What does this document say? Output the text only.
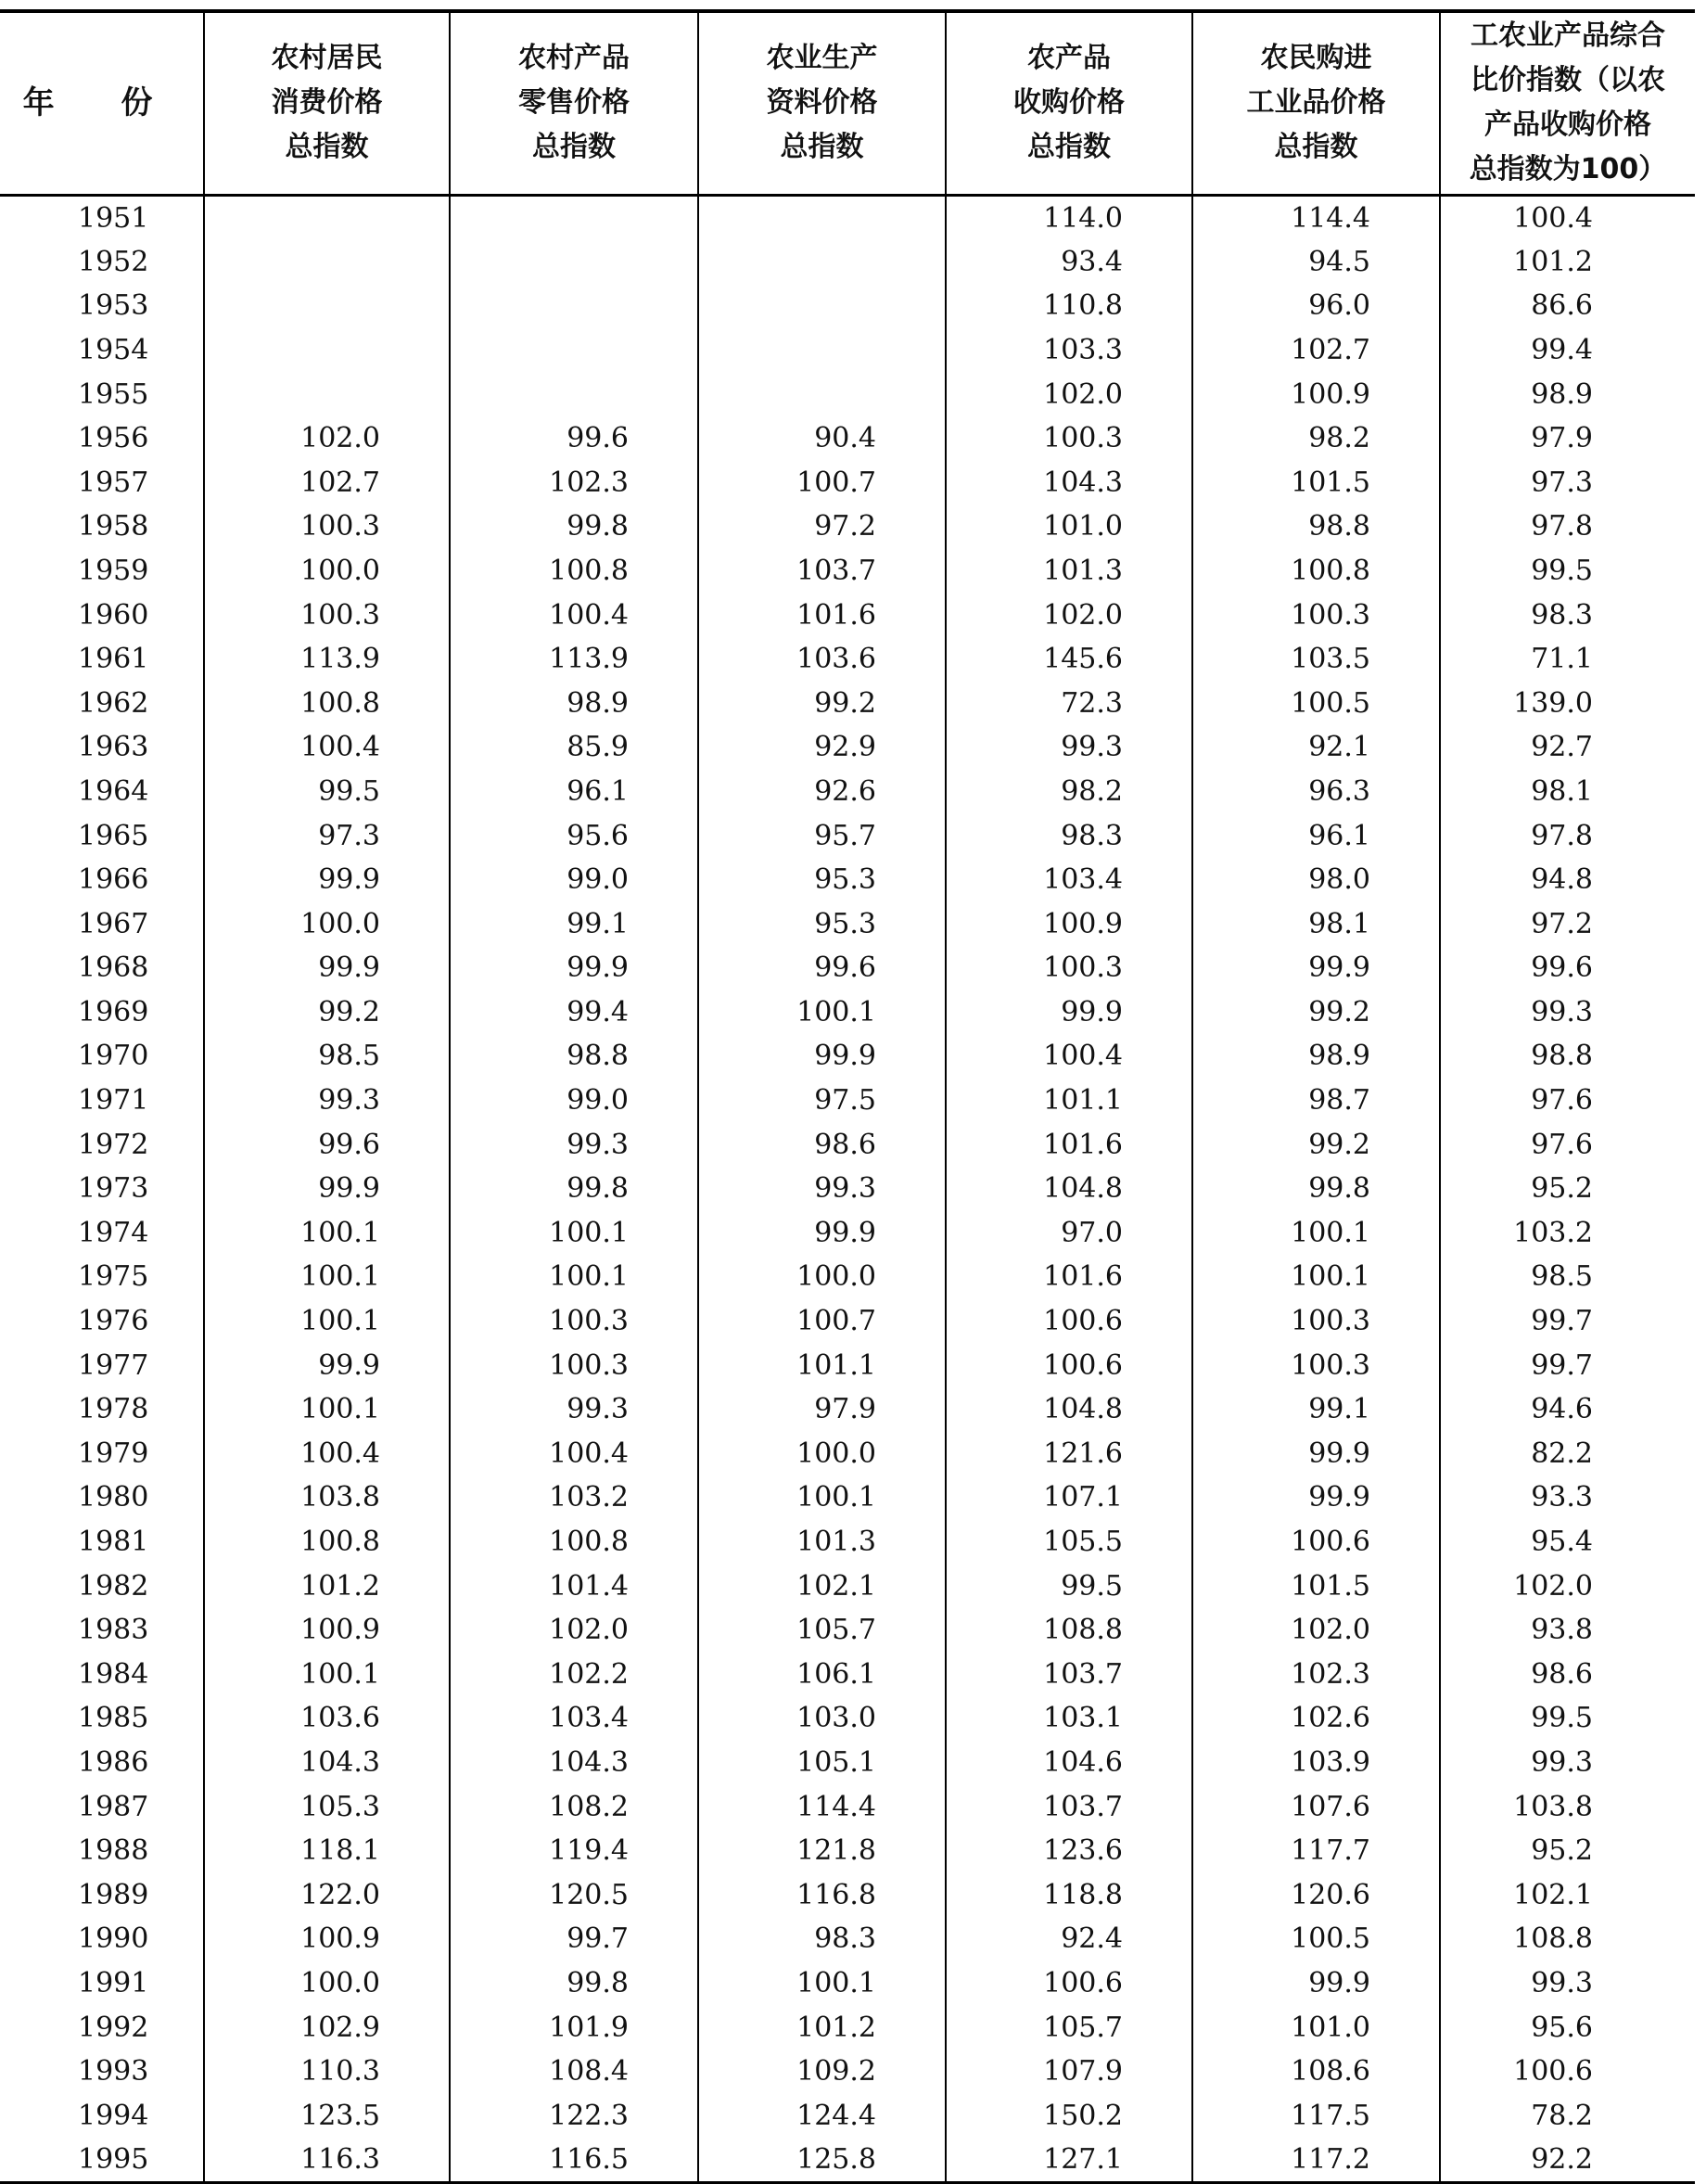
年 份	农村居民
消费价格
总指数	农村产品
零售价格
总指数	农业生产
资料价格
总指数	农产品
收购价格
总指数	农民购进
工业品价格
总指数	工农业产品综合
比价指数（以农
产品收购价格
总指数为100）

1951				114.0	114.4	100.4
1952				93.4	94.5	101.2
1953				110.8	96.0	86.6
1954				103.3	102.7	99.4
1955				102.0	100.9	98.9
1956	102.0	99.6	90.4	100.3	98.2	97.9
1957	102.7	102.3	100.7	104.3	101.5	97.3
1958	100.3	99.8	97.2	101.0	98.8	97.8
1959	100.0	100.8	103.7	101.3	100.8	99.5
1960	100.3	100.4	101.6	102.0	100.3	98.3
1961	113.9	113.9	103.6	145.6	103.5	71.1
1962	100.8	98.9	99.2	72.3	100.5	139.0
1963	100.4	85.9	92.9	99.3	92.1	92.7
1964	99.5	96.1	92.6	98.2	96.3	98.1
1965	97.3	95.6	95.7	98.3	96.1	97.8
1966	99.9	99.0	95.3	103.4	98.0	94.8
1967	100.0	99.1	95.3	100.9	98.1	97.2
1968	99.9	99.9	99.6	100.3	99.9	99.6
1969	99.2	99.4	100.1	99.9	99.2	99.3
1970	98.5	98.8	99.9	100.4	98.9	98.8
1971	99.3	99.0	97.5	101.1	98.7	97.6
1972	99.6	99.3	98.6	101.6	99.2	97.6
1973	99.9	99.8	99.3	104.8	99.8	95.2
1974	100.1	100.1	99.9	97.0	100.1	103.2
1975	100.1	100.1	100.0	101.6	100.1	98.5
1976	100.1	100.3	100.7	100.6	100.3	99.7
1977	99.9	100.3	101.1	100.6	100.3	99.7
1978	100.1	99.3	97.9	104.8	99.1	94.6
1979	100.4	100.4	100.0	121.6	99.9	82.2
1980	103.8	103.2	100.1	107.1	99.9	93.3
1981	100.8	100.8	101.3	105.5	100.6	95.4
1982	101.2	101.4	102.1	99.5	101.5	102.0
1983	100.9	102.0	105.7	108.8	102.0	93.8
1984	100.1	102.2	106.1	103.7	102.3	98.6
1985	103.6	103.4	103.0	103.1	102.6	99.5
1986	104.3	104.3	105.1	104.6	103.9	99.3
1987	105.3	108.2	114.4	103.7	107.6	103.8
1988	118.1	119.4	121.8	123.6	117.7	95.2
1989	122.0	120.5	116.8	118.8	120.6	102.1
1990	100.9	99.7	98.3	92.4	100.5	108.8
1991	100.0	99.8	100.1	100.6	99.9	99.3
1992	102.9	101.9	101.2	105.7	101.0	95.6
1993	110.3	108.4	109.2	107.9	108.6	100.6
1994	123.5	122.3	124.4	150.2	117.5	78.2
1995	116.3	116.5	125.8	127.1	117.2	92.2
